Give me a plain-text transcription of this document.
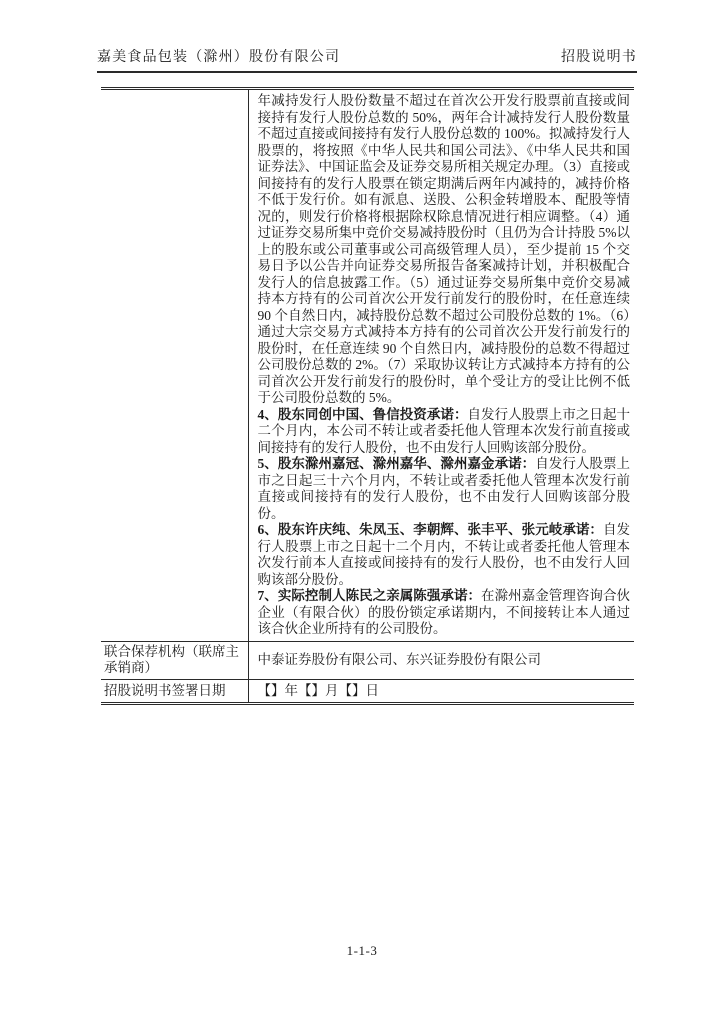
嘉美食品包装（滁州）股份有限公司	招股说明书

	年减持发行人股份数量不超过在首次公开发行股票前直接或间接持有发行人股份总数的 50%，两年合计减持发行人股份数量不超过直接或间接持有发行人股份总数的 100%。拟减持发行人股票的，将按照《中华人民共和国公司法》、《中华人民共和国证券法》、中国证监会及证券交易所相关规定办理。（3）直接或间接持有的发行人股票在锁定期满后两年内减持的，减持价格不低于发行价。如有派息、送股、公积金转增股本、配股等情况的，则发行价格将根据除权除息情况进行相应调整。（4）通过证券交易所集中竞价交易减持股份时（且仍为合计持股 5%以上的股东或公司董事或公司高级管理人员），至少提前 15 个交易日予以公告并向证券交易所报告备案减持计划，并积极配合发行人的信息披露工作。（5）通过证券交易所集中竞价交易减持本方持有的公司首次公开发行前发行的股份时，在任意连续 90 个自然日内，减持股份总数不超过公司股份总数的 1%。（6）通过大宗交易方式减持本方持有的公司首次公开发行前发行的股份时，在任意连续 90 个自然日内，减持股份的总数不得超过公司股份总数的 2%。（7）采取协议转让方式减持本方持有的公司首次公开发行前发行的股份时，单个受让方的受让比例不低于公司股份总数的 5%。

4、股东同创中国、鲁信投资承诺：自发行人股票上市之日起十二个月内，本公司不转让或者委托他人管理本次发行前直接或间接持有的发行人股份，也不由发行人回购该部分股份。

5、股东滁州嘉冠、滁州嘉华、滁州嘉金承诺：自发行人股票上市之日起三十六个月内，不转让或者委托他人管理本次发行前直接或间接持有的发行人股份，也不由发行人回购该部分股份。

6、股东许庆纯、朱凤玉、李朝辉、张丰平、张元岐承诺：自发行人股票上市之日起十二个月内，不转让或者委托他人管理本次发行前本人直接或间接持有的发行人股份，也不由发行人回购该部分股份。

7、实际控制人陈民之亲属陈强承诺：在滁州嘉金管理咨询合伙企业（有限合伙）的股份锁定承诺期内，不间接转让本人通过该合伙企业所持有的公司股份。

联合保荐机构（联席主承销商）	中泰证券股份有限公司、东兴证券股份有限公司

招股说明书签署日期	【】年【】月【】日

1-1-3
